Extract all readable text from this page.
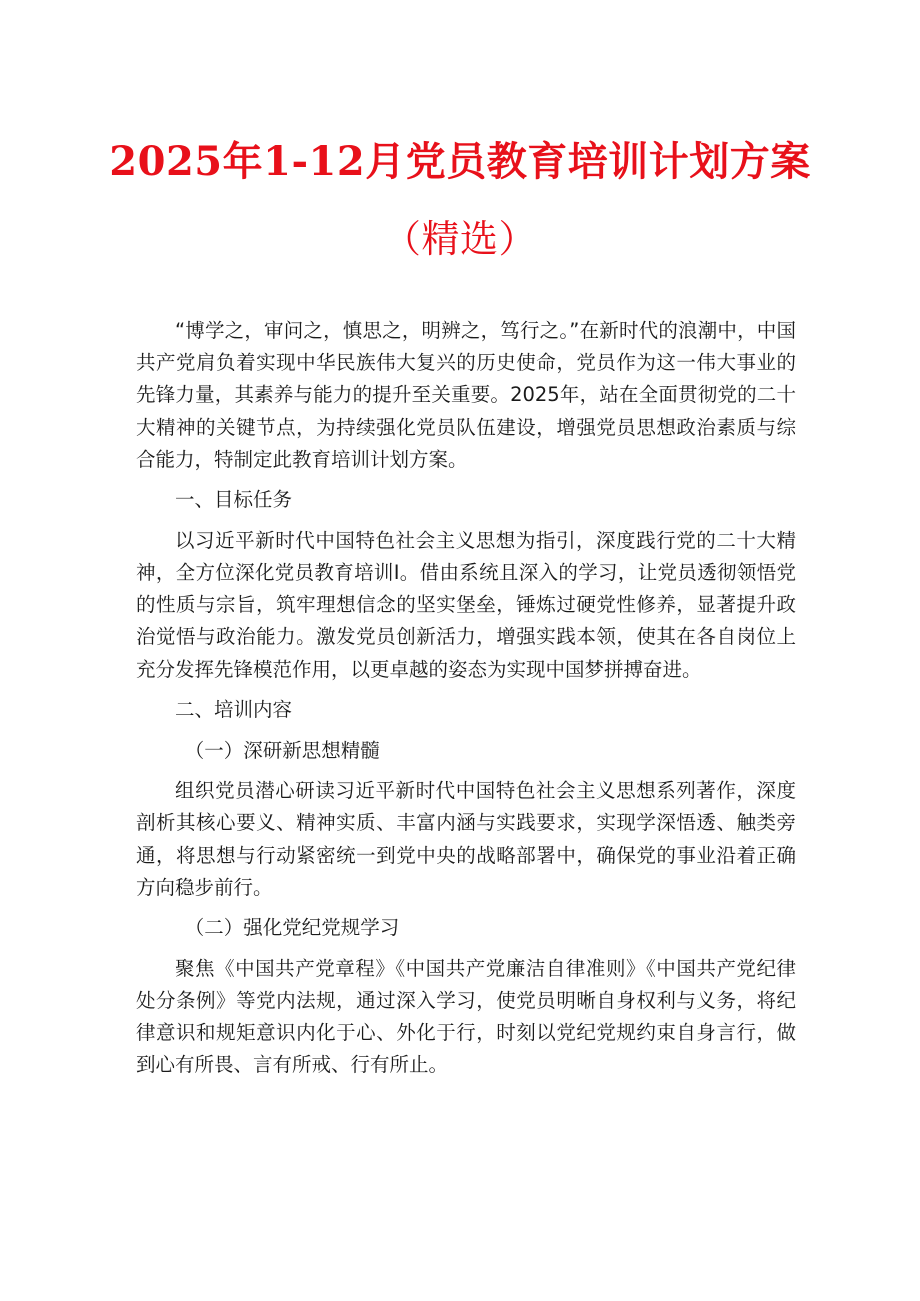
2025年1-12月党员教育培训计划方案
（精选）

“博学之，审问之，慎思之，明辨之，笃行之。”在新时代的浪潮中，中国共产党肩负着实现中华民族伟大复兴的历史使命，党员作为这一伟大事业的先锋力量，其素养与能力的提升至关重要。2025年，站在全面贯彻党的二十大精神的关键节点，为持续强化党员队伍建设，增强党员思想政治素质与综合能力，特制定此教育培训计划方案。

一、目标任务

以习近平新时代中国特色社会主义思想为指引，深度践行党的二十大精神，全方位深化党员教育培训I。借由系统且深入的学习，让党员透彻领悟党的性质与宗旨，筑牢理想信念的坚实堡垒，锤炼过硬党性修养，显著提升政治觉悟与政治能力。激发党员创新活力，增强实践本领，使其在各自岗位上充分发挥先锋模范作用，以更卓越的姿态为实现中国梦拼搏奋进。

二、培训内容

（一）深研新思想精髓

组织党员潜心研读习近平新时代中国特色社会主义思想系列著作，深度剖析其核心要义、精神实质、丰富内涵与实践要求，实现学深悟透、触类旁通，将思想与行动紧密统一到党中央的战略部署中，确保党的事业沿着正确方向稳步前行。

（二）强化党纪党规学习

聚焦《中国共产党章程》《中国共产党廉洁自律准则》《中国共产党纪律处分条例》等党内法规，通过深入学习，使党员明晰自身权利与义务，将纪律意识和规矩意识内化于心、外化于行，时刻以党纪党规约束自身言行，做到心有所畏、言有所戒、行有所止。
